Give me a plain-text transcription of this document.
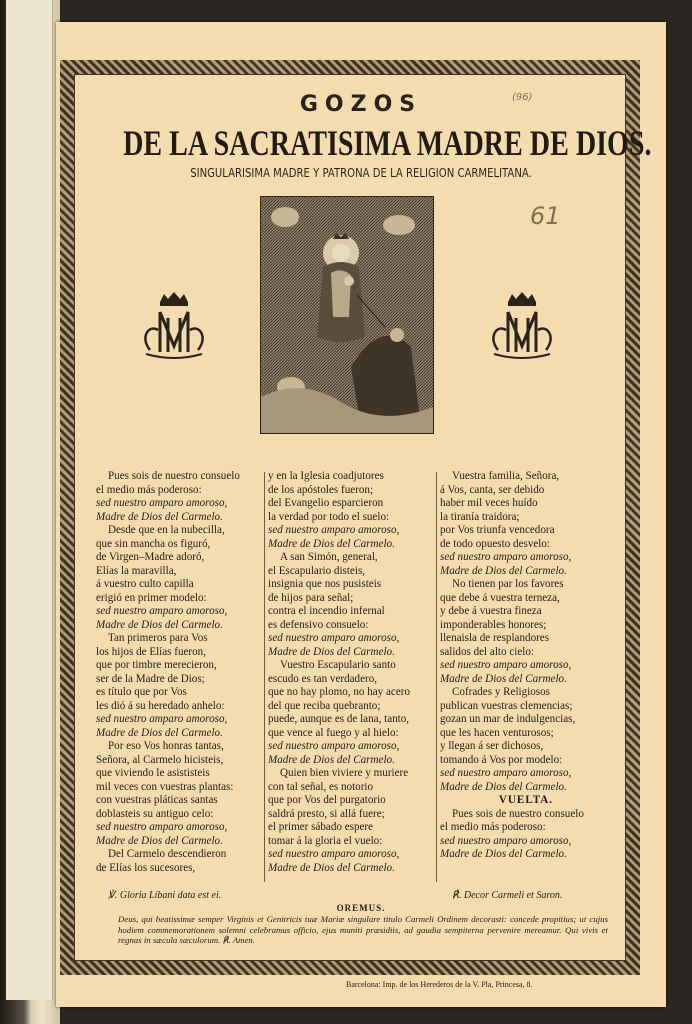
(96)
61
GOZOS
DE LA SACRATISIMA MADRE DE DIOS.
SINGULARISIMA MADRE Y PATRONA DE LA RELIGION CARMELITANA.
Pues sois de nuestro consuelo
el medio más poderoso:
sed nuestro amparo amoroso,
Madre de Dios del Carmelo.
Desde que en la nubecilla,
que sin mancha os figuró,
de Virgen–Madre adoró,
Elías la maravilla,
á vuestro culto capilla
erigió en primer modelo:
sed nuestro amparo amoroso,
Madre de Dios del Carmelo.
Tan primeros para Vos
los hijos de Elías fueron,
que por timbre merecieron,
ser de la Madre de Dios;
es título que por Vos
les dió á su heredado anhelo:
sed nuestro amparo amoroso,
Madre de Dios del Carmelo.
Por eso Vos honras tantas,
Señora, al Carmelo hicisteis,
que viviendo le asististeis
mil veces con vuestras plantas:
con vuestras pláticas santas
doblasteis su antiguo celo:
sed nuestro amparo amoroso,
Madre de Dios del Carmelo.
Del Carmelo descendieron
de Elías los sucesores,
y en la Iglesia coadjutores
de los apóstoles fueron;
del Evangelio esparcieron
la verdad por todo el suelo:
sed nuestro amparo amoroso,
Madre de Dios del Carmelo.
A san Simón, general,
el Escapulario disteis,
insignia que nos pusisteis
de hijos para señal;
contra el incendio infernal
es defensivo consuelo:
sed nuestro amparo amoroso,
Madre de Dios del Carmelo.
Vuestro Escapulario santo
escudo es tan verdadero,
que no hay plomo, no hay acero
del que reciba quebranto;
puede, aunque es de lana, tanto,
que vence al fuego y al hielo:
sed nuestro amparo amoroso,
Madre de Dios del Carmelo.
Quien bien viviere y muriere
con tal señal, es notorio
que por Vos del purgatorio
saldrá presto, si allá fuere;
el primer sábado espere
tomar á la gloria el vuelo:
sed nuestro amparo amoroso,
Madre de Dios del Carmelo.
Vuestra familia, Señora,
á Vos, canta, ser debido
haber mil veces huído
la tiranía traidora;
por Vos triunfa vencedora
de todo opuesto desvelo:
sed nuestro amparo amoroso,
Madre de Dios del Carmelo.
No tienen par los favores
que debe á vuestra terneza,
y debe á vuestra fineza
imponderables honores;
llenaisla de resplandores
salidos del alto cielo:
sed nuestro amparo amoroso,
Madre de Dios del Carmelo.
Cofrades y Religiosos
publican vuestras clemencias;
gozan un mar de indulgencias,
que les hacen venturosos;
y llegan á ser dichosos,
tomando á Vos por modelo:
sed nuestro amparo amoroso,
Madre de Dios del Carmelo.
VUELTA.
Pues sois de nuestro consuelo
el medio más poderoso:
sed nuestro amparo amoroso,
Madre de Dios del Carmelo.
℣. Gloria Líbani data est ei.	℟. Decor Carmeli et Saron.
OREMUS.
Deus, qui beatissimæ semper Virginis et Genitricis tuæ Mariæ singulare titulo Carmeli Ordinem decorasti: concede propitius; ut cujus hodiem commemorationem solemni celebramus officio, ejus muniti præsidiis, ad gaudia sempiterna pervenire mereamur. Qui vivis et regnas in sæcula sæculorum. ℟. Amen.
Barcelona: Imp. de los Herederos de la V. Pla, Princesa, 8.
